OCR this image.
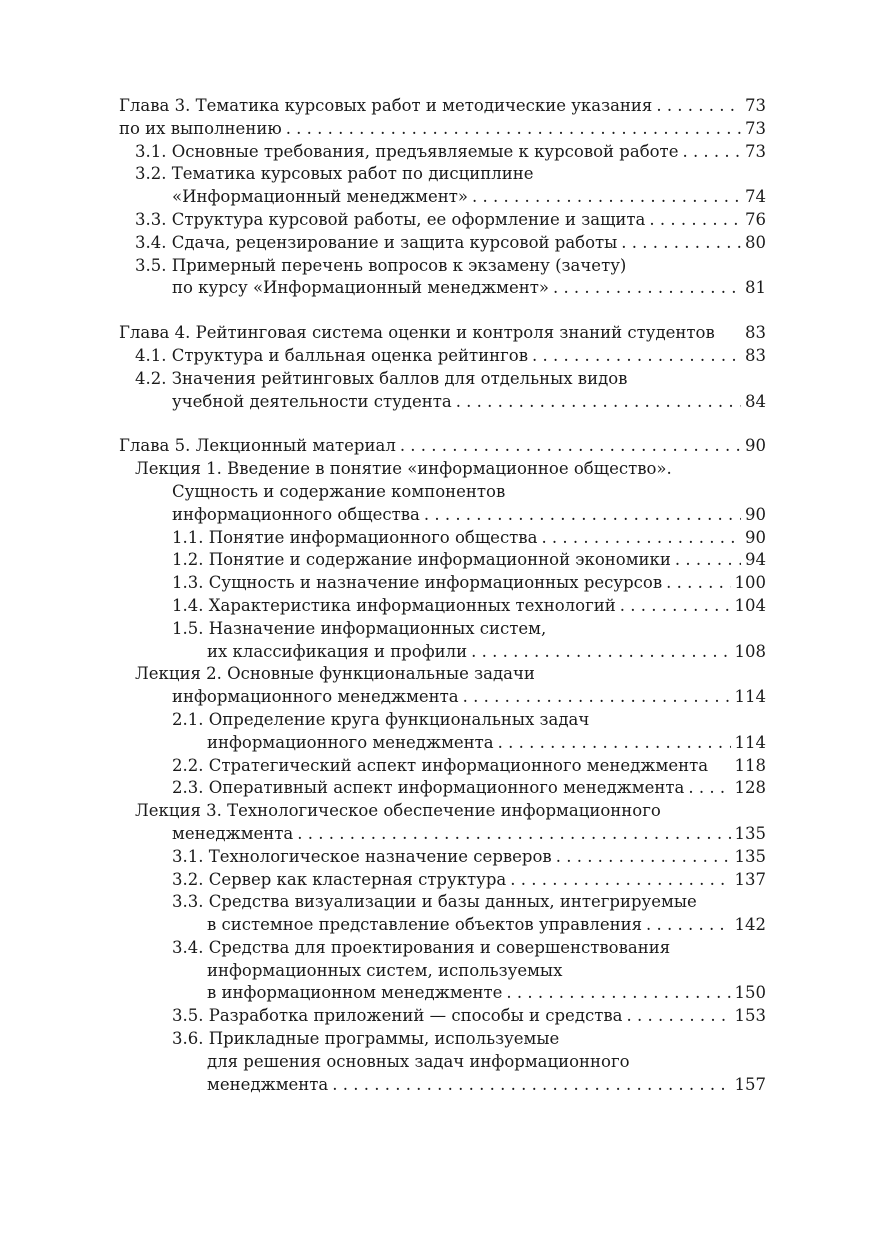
Глава 3. Тематика курсовых работ и методические указания . . .	73
по их выполнению . . .	73
3.1. Основные требования, предъявляемые к курсовой работе . . .	73
3.2. Тематика курсовых работ по дисциплине
«Информационный менеджмент» . . .	74
3.3. Структура курсовой работы, ее оформление и защита . . .	76
3.4. Сдача, рецензирование и защита курсовой работы . . .	80
3.5. Примерный перечень вопросов к экзамену (зачету)
по курсу «Информационный менеджмент» . . .	81
Глава 4. Рейтинговая система оценки и контроля знаний студентов 83
4.1. Структура и балльная оценка рейтингов . . .	83
4.2. Значения рейтинговых баллов для отдельных видов
учебной деятельности студента . . .	84
Глава 5. Лекционный материал . . .	90
Лекция 1. Введение в понятие «информационное общество».
Сущность и содержание компонентов
информационного общества . . .	90
1.1. Понятие информационного общества . . .	90
1.2. Понятие и содержание информационной экономики . . .	94
1.3. Сущность и назначение информационных ресурсов . . .	100
1.4. Характеристика информационных технологий . . .	104
1.5. Назначение информационных систем,
их классификация и профили . . .	108
Лекция 2. Основные функциональные задачи
информационного менеджмента . . .	114
2.1. Определение круга функциональных задач
информационного менеджмента . . .	114
2.2. Стратегический аспект информационного менеджмента 118
2.3. Оперативный аспект информационного менеджмента . . .	128
Лекция 3. Технологическое обеспечение информационного
менеджмента . . .	135
3.1. Технологическое назначение серверов . . .	135
3.2. Сервер как кластерная структура . . .	137
3.3. Средства визуализации и базы данных, интегрируемые
в системное представление объектов управления . . .	142
3.4. Средства для проектирования и совершенствования
информационных систем, используемых
в информационном менеджменте . . .	150
3.5. Разработка приложений — способы и средства . . .	153
3.6. Прикладные программы, используемые
для решения основных задач информационного
менеджмента . . .	157
